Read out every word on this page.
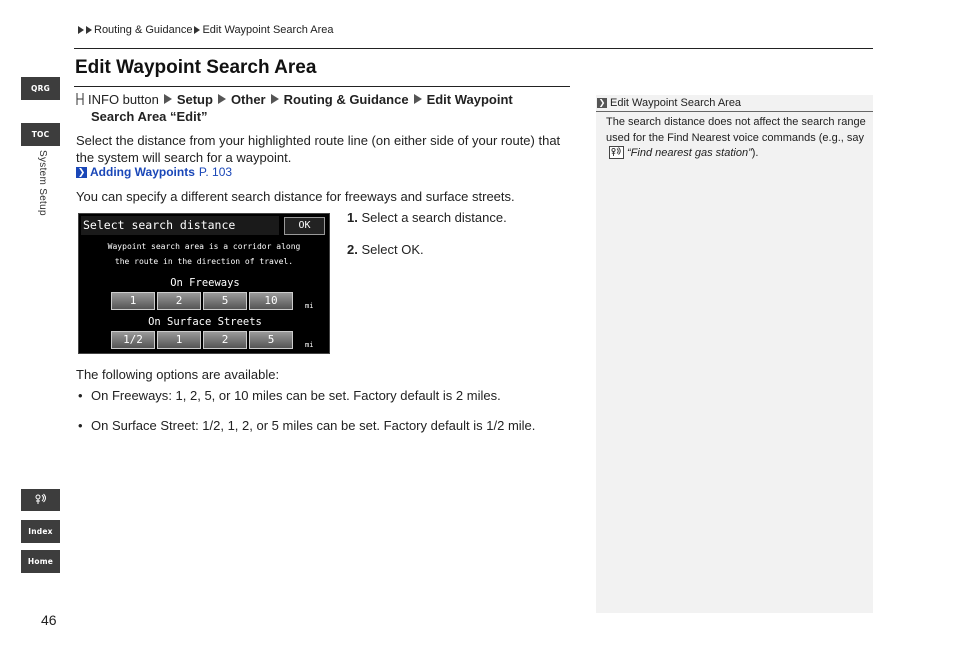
QRG
TOC
System Setup
Index
Home
46
Routing & Guidance Edit Waypoint Search Area
Edit Waypoint Search Area
INFO button Setup Other Routing & Guidance Edit Waypoint
Search Area “Edit”
Select the distance from your highlighted route line (on either side of your route) that the system will search for a waypoint.
❯ Adding Waypoints P. 103
You can specify a different search distance for freeways and surface streets.
Select search distance	OK
Waypoint search area is a corridor along
the route in the direction of travel.
On Freeways
1	2	5	10	mi
On Surface Streets
1/2	1	2	5	mi
1. Select a search distance.
2. Select OK.
The following options are available:
• On Freeways: 1, 2, 5, or 10 miles can be set. Factory default is 2 miles.
• On Surface Street: 1/2, 1, 2, or 5 miles can be set. Factory default is 1/2 mile.
❯ Edit Waypoint Search Area
The search distance does not affect the search range used for the Find Nearest voice commands (e.g., say“Find nearest gas station”).
